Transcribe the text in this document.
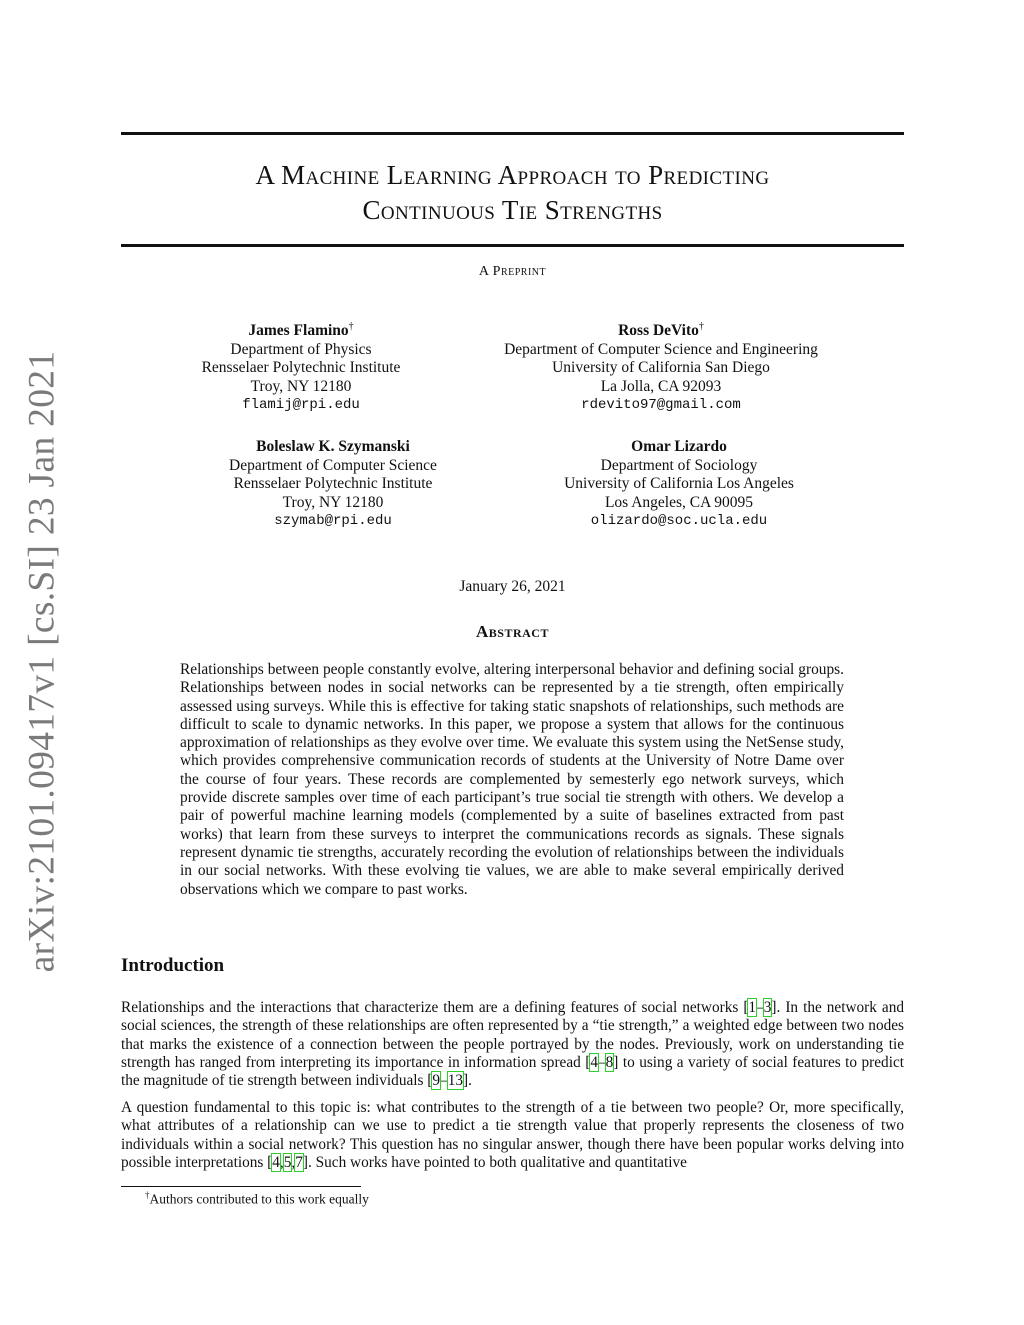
arXiv:2101.09417v1 [cs.SI] 23 Jan 2021
A Machine Learning Approach to Predicting
Continuous Tie Strengths
A Preprint
James Flamino†
Department of Physics
Rensselaer Polytechnic Institute
Troy, NY 12180
flamij@rpi.edu
Ross DeVito†
Department of Computer Science and Engineering
University of California San Diego
La Jolla, CA 92093
rdevito97@gmail.com
Boleslaw K. Szymanski
Department of Computer Science
Rensselaer Polytechnic Institute
Troy, NY 12180
szymab@rpi.edu
Omar Lizardo
Department of Sociology
University of California Los Angeles
Los Angeles, CA 90095
olizardo@soc.ucla.edu
January 26, 2021
Abstract
Relationships between people constantly evolve, altering interpersonal behavior and defining social groups. Relationships between nodes in social networks can be represented by a tie strength, often empirically assessed using surveys. While this is effective for taking static snapshots of relationships, such methods are difficult to scale to dynamic networks. In this paper, we propose a system that allows for the continuous approximation of relationships as they evolve over time. We evaluate this system using the NetSense study, which provides comprehensive communication records of students at the University of Notre Dame over the course of four years. These records are complemented by semesterly ego network surveys, which provide discrete samples over time of each participant’s true social tie strength with others. We develop a pair of powerful machine learning models (complemented by a suite of baselines extracted from past works) that learn from these surveys to interpret the communications records as signals. These signals represent dynamic tie strengths, accurately recording the evolution of relationships between the individuals in our social networks. With these evolving tie values, we are able to make several empirically derived observations which we compare to past works.
Introduction
Relationships and the interactions that characterize them are a defining features of social networks [1–3]. In the network and social sciences, the strength of these relationships are often represented by a “tie strength,” a weighted edge between two nodes that marks the existence of a connection between the people portrayed by the nodes. Previously, work on understanding tie strength has ranged from interpreting its importance in information spread [4–8] to using a variety of social features to predict the magnitude of tie strength between individuals [9–13].
A question fundamental to this topic is: what contributes to the strength of a tie between two people? Or, more specifically, what attributes of a relationship can we use to predict a tie strength value that properly represents the closeness of two individuals within a social network? This question has no singular answer, though there have been popular works delving into possible interpretations [4,5,7]. Such works have pointed to both qualitative and quantitative
†Authors contributed to this work equally
